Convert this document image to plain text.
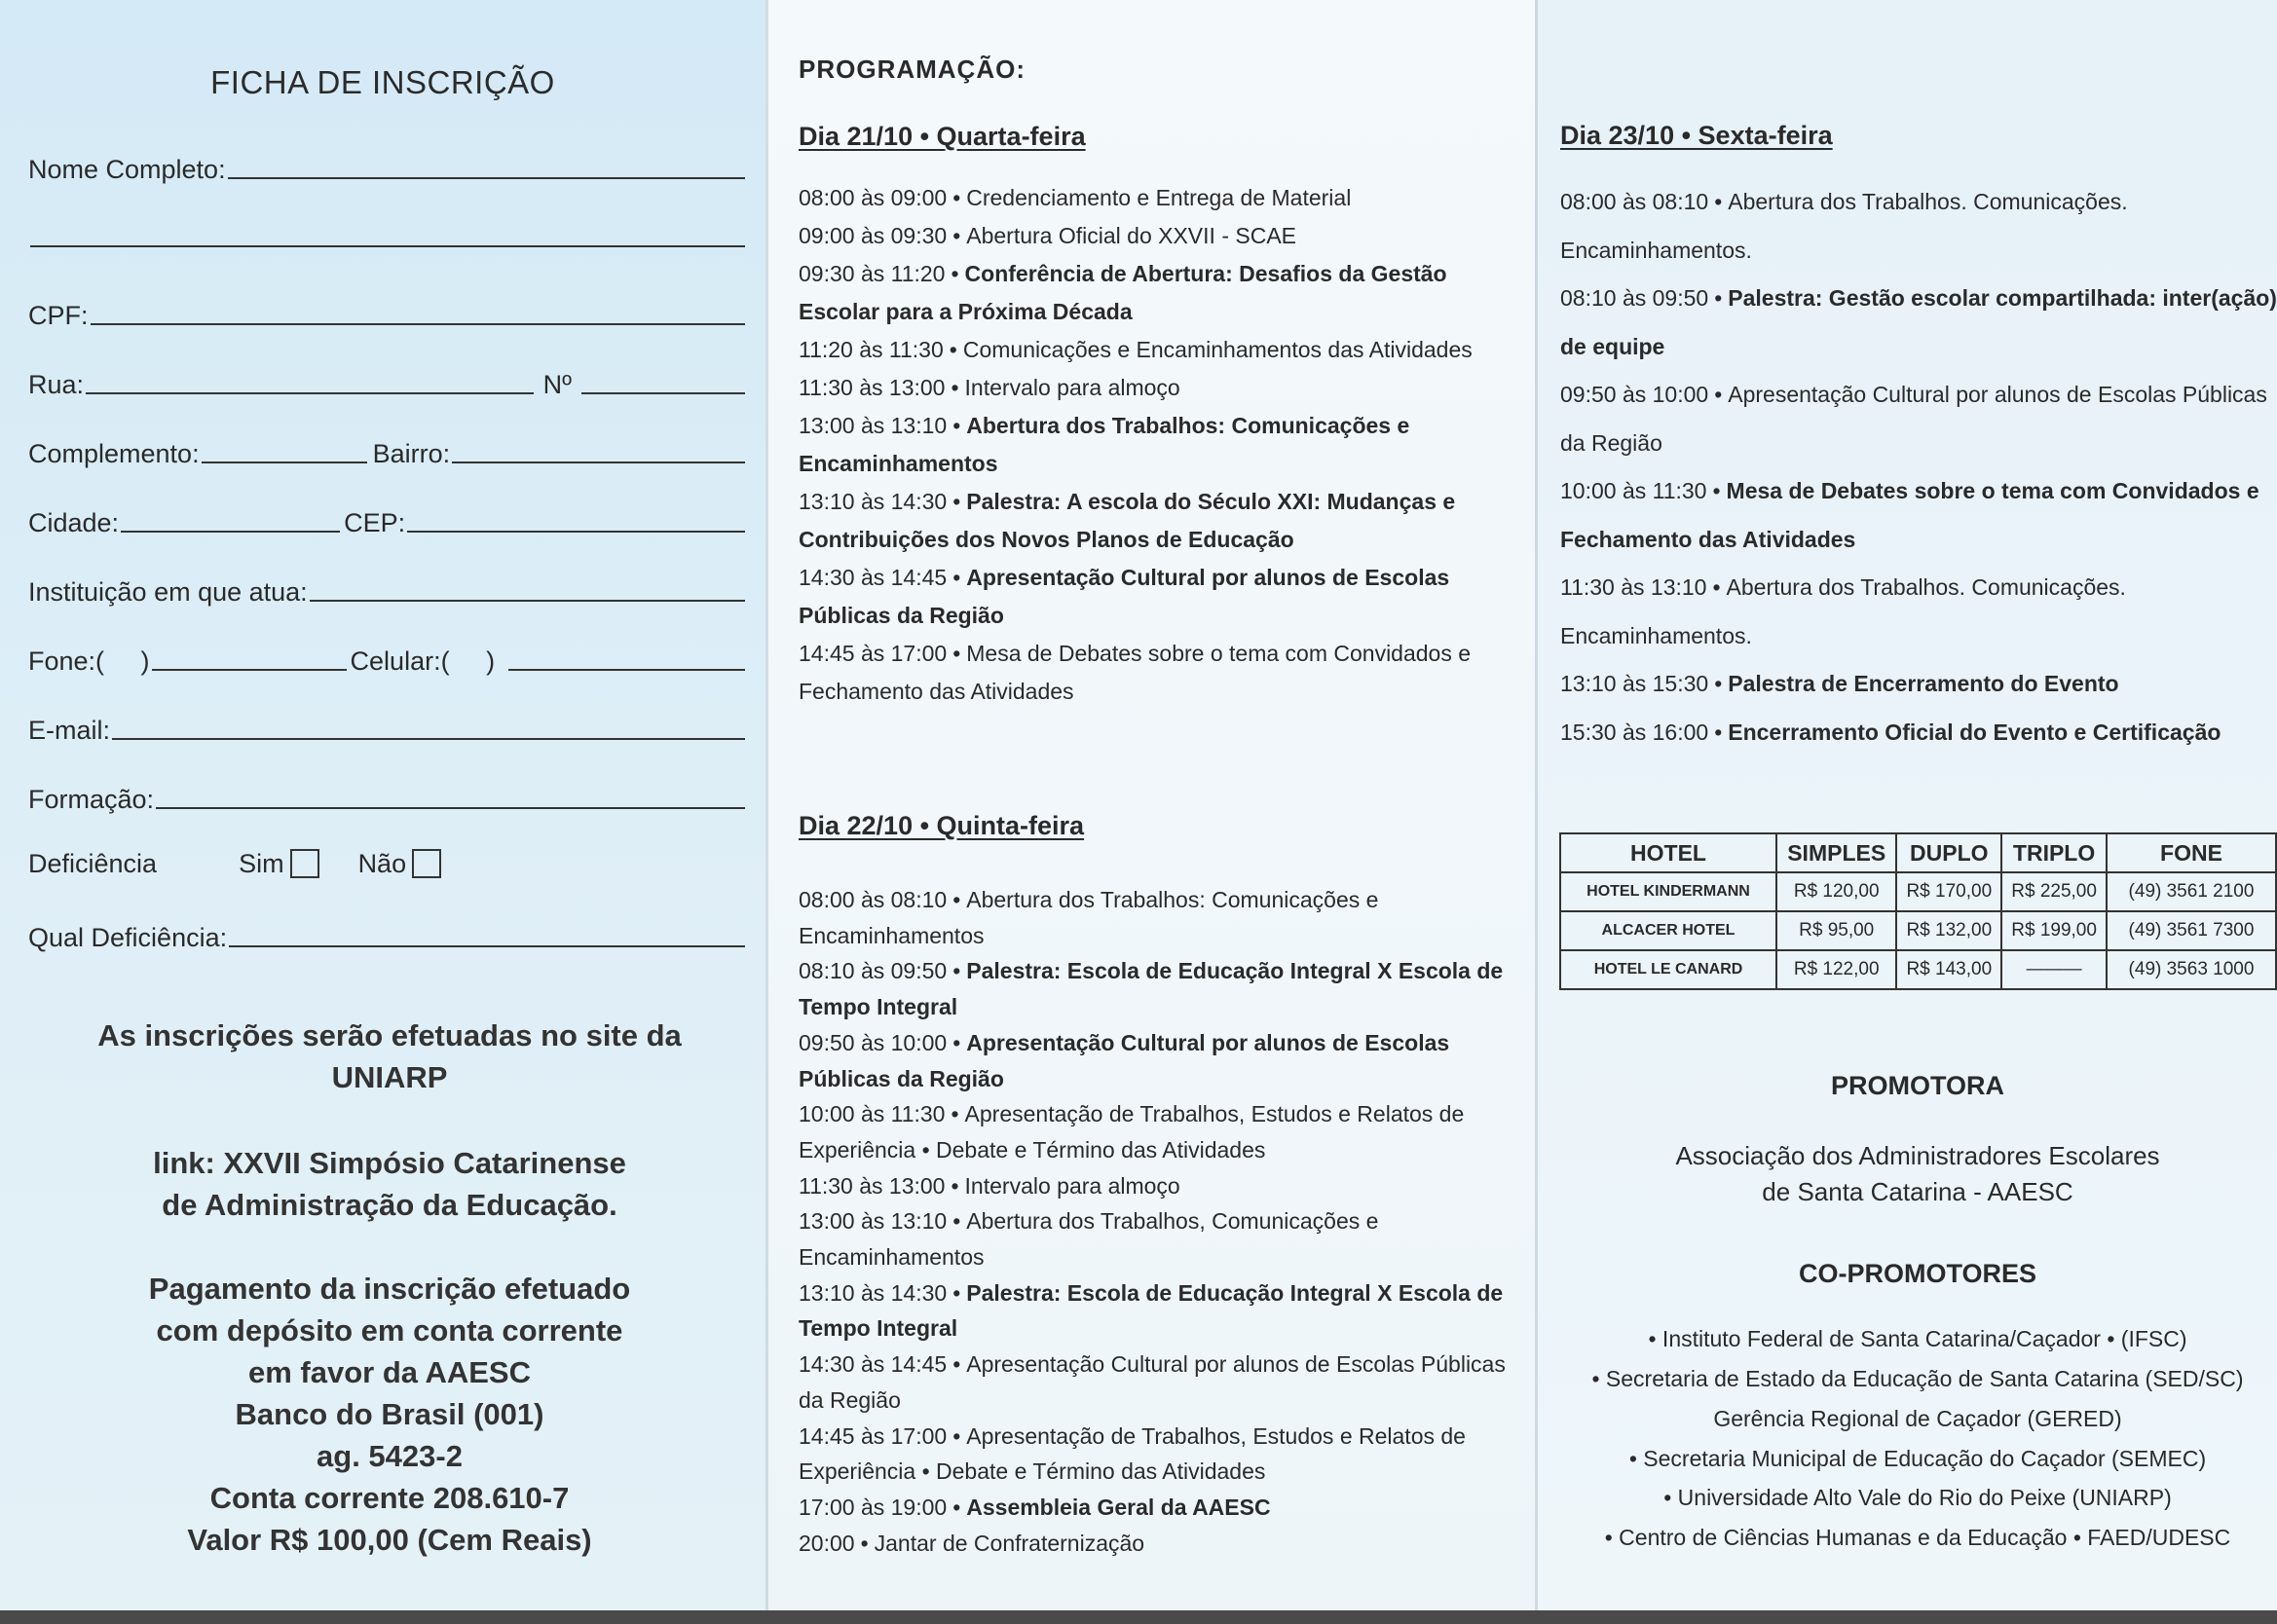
FICHA DE INSCRIÇÃO
Nome Completo:
CPF:
Rua:	Nº
Complemento:	Bairro:
Cidade:	CEP:
Instituição em que atua:
Fone:(     )	Celular:(     )
E-mail:
Formação:
Deficiência	Sim	Não
Qual Deficiência:
As inscrições serão efetuadas no site da UNIARP
link: XXVII Simpósio Catarinense
de Administração da Educação.
Pagamento da inscrição efetuado
com depósito em conta corrente
em favor da AAESC
Banco do Brasil (001)
ag. 5423-2
Conta corrente 208.610-7
Valor R$ 100,00 (Cem Reais)
PROGRAMAÇÃO:
Dia 21/10 • Quarta-feira
08:00 às 09:00 • Credenciamento e Entrega de Material
09:00 às 09:30 • Abertura Oficial do XXVII - SCAE
09:30 às 11:20 • Conferência de Abertura: Desafios da Gestão Escolar para a Próxima Década
11:20 às 11:30 • Comunicações e Encaminhamentos das Atividades
11:30 às 13:00 • Intervalo para almoço
13:00 às 13:10 • Abertura dos Trabalhos: Comunicações e Encaminhamentos
13:10 às 14:30 • Palestra: A escola do Século XXI: Mudanças e Contribuições dos Novos Planos de Educação
14:30 às 14:45 • Apresentação Cultural por alunos de Escolas Públicas da Região
14:45 às 17:00 • Mesa de Debates sobre o tema com Convidados e Fechamento das Atividades
Dia 22/10 • Quinta-feira
08:00 às 08:10 • Abertura dos Trabalhos: Comunicações e Encaminhamentos
08:10 às 09:50 • Palestra: Escola de Educação Integral X Escola de Tempo Integral
09:50 às 10:00 • Apresentação Cultural por alunos de Escolas Públicas da Região
10:00 às 11:30 • Apresentação de Trabalhos, Estudos e Relatos de Experiência • Debate e Término das Atividades
11:30 às 13:00 • Intervalo para almoço
13:00 às 13:10 • Abertura dos Trabalhos, Comunicações e Encaminhamentos
13:10 às 14:30 • Palestra: Escola de Educação Integral X Escola de Tempo Integral
14:30 às 14:45 • Apresentação Cultural por alunos de Escolas Públicas da Região
14:45 às 17:00 • Apresentação de Trabalhos, Estudos e Relatos de Experiência • Debate e Término das Atividades
17:00 às 19:00 • Assembleia Geral da AAESC
20:00 • Jantar de Confraternização
Dia 23/10 • Sexta-feira
08:00 às 08:10 • Abertura dos Trabalhos. Comunicações. Encaminhamentos.
08:10 às 09:50 • Palestra: Gestão escolar compartilhada: inter(ação) de equipe
09:50 às 10:00 • Apresentação Cultural por alunos de Escolas Públicas da Região
10:00 às 11:30 • Mesa de Debates sobre o tema com Convidados e Fechamento das Atividades
11:30 às 13:10 • Abertura dos Trabalhos. Comunicações. Encaminhamentos.
13:10 às 15:30 • Palestra de Encerramento do Evento
15:30 às 16:00 • Encerramento Oficial do Evento e Certificação
HOTEL	SIMPLES	DUPLO	TRIPLO	FONE
HOTEL KINDERMANN	R$ 120,00	R$ 170,00	R$ 225,00	(49) 3561 2100
ALCACER HOTEL	R$ 95,00	R$ 132,00	R$ 199,00	(49) 3561 7300
HOTEL LE CANARD	R$ 122,00	R$ 143,00	———	(49) 3563 1000
PROMOTORA
Associação dos Administradores Escolares
de Santa Catarina - AAESC
CO-PROMOTORES
• Instituto Federal de Santa Catarina/Caçador • (IFSC)
• Secretaria de Estado da Educação de Santa Catarina (SED/SC)
Gerência Regional de Caçador (GERED)
• Secretaria Municipal de Educação do Caçador (SEMEC)
• Universidade Alto Vale do Rio do Peixe (UNIARP)
• Centro de Ciências Humanas e da Educação • FAED/UDESC
